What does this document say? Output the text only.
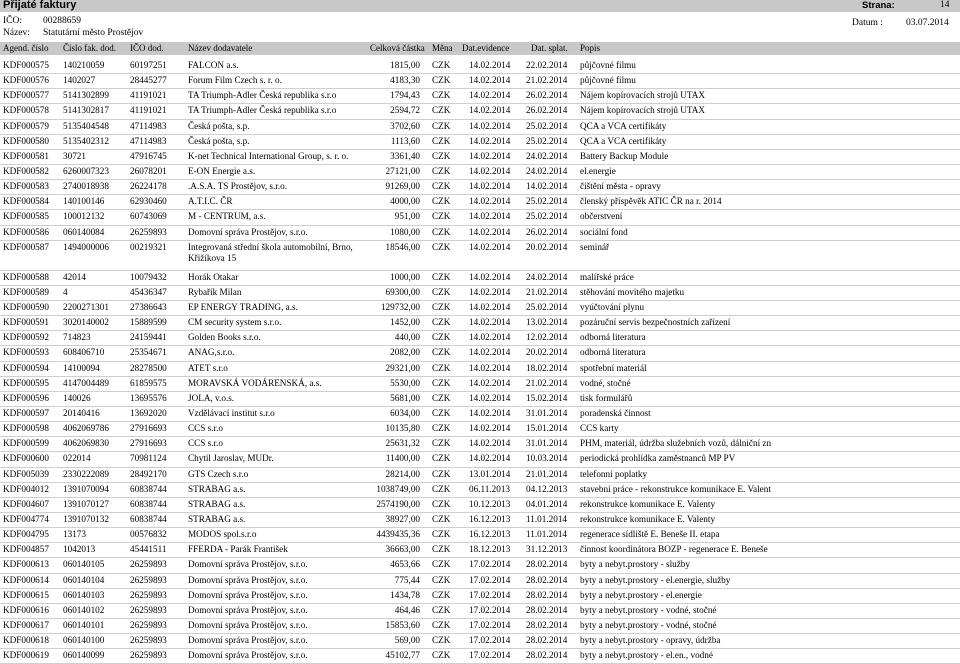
Přijaté faktury	Strana:	14
IČO: 00288659
Název: Statutární město Prostějov
Datum : 03.07.2014
Agend. číslo Číslo fak. dod. IČO dod.	Název dodavatele	Celková částka Měna Dat.evidence Dat. splat. Popis
KDF000575 140210059	60197251 FALCON a.s.	1815,00 CZK 14.02.2014 22.02.2014 půjčovné filmu
KDF000576 1402027	28445277 Forum Film Czech s. r. o.	4183,30 CZK 14.02.2014 21.02.2014 půjčovné filmu
KDF000577 5141302899 41191021 TA Triumph-Adler Česká republika s.r.o	1794,43 CZK 14.02.2014 26.02.2014 Nájem kopírovacích strojů UTAX
KDF000578 5141302817 41191021 TA Triumph-Adler Česká republika s.r.o	2594,72 CZK 14.02.2014 26.02.2014 Nájem kopírovacích strojů UTAX
KDF000579 5135404548 47114983 Česká pošta, s.p.	3702,60 CZK 14.02.2014 25.02.2014 QCA a VCA certifikáty
KDF000580 5135402312 47114983 Česká pošta, s.p.	1113,60 CZK 14.02.2014 25.02.2014 QCA a VCA certifikáty
KDF000581 30721	47916745 K-net Technical International Group, s. r. o.	3361,40 CZK 14.02.2014 24.02.2014 Battery Backup Module
KDF000582 6260007323 26078201 E-ON Energie a.s.	27121,00 CZK 14.02.2014 24.02.2014 el.energie
KDF000583 2740018938 26224178 .A.S.A. TS Prostějov, s.r.o.	91269,00 CZK 14.02.2014 14.02.2014 čištění města - opravy
KDF000584 140100146	62930460 A.T.I.C. ČR	4000,00 CZK 14.02.2014 25.02.2014 členský příspěvěk ATIC ČR na r. 2014
KDF000585 100012132	60743069 M - CENTRUM, a.s.	951,00 CZK 14.02.2014 25.02.2014 občerstvení
KDF000586 060140084	26259893 Domovní správa Prostějov, s.r.o.	1080,00 CZK 14.02.2014 26.02.2014 sociální fond
KDF000587 1494000006 00219321 Integrovaná střední škola automobilní, Brno, Křižíkova 15
18546,00 CZK 14.02.2014 20.02.2014 seminář
KDF000588 42014	10079432 Horák Otakar	1000,00 CZK 14.02.2014 24.02.2014 malířské práce
KDF000589 4	45436347 Rybařík Milan	69300,00 CZK 14.02.2014 21.02.2014 stěhování movitého majetku
KDF000590 2200271301 27386643 EP ENERGY TRADING, a.s.	129732,00 CZK 14.02.2014 25.02.2014 vyúčtování plynu
KDF000591 3020140002 15889599 CM security system s.r.o.	1452,00 CZK 14.02.2014 13.02.2014 pozáruční servis bezpečnostních zařízení
KDF000592 714823	24159441 Golden Books s.r.o.	440,00 CZK 14.02.2014 12.02.2014 odborná literatura
KDF000593 608406710	25354671 ANAG,s.r.o.	2082,00 CZK 14.02.2014 20.02.2014 odborná literatura
KDF000594 14100094	28278500 ATET s.r.o	29321,00 CZK 14.02.2014 18.02.2014 spotřební materiál
KDF000595 4147004489 61859575 MORAVSKÁ VODÁRENSKÁ, a.s.	5530,00 CZK 14.02.2014 21.02.2014 vodné, stočné
KDF000596 140026	13695576 JOLA, v.o.s.	5681,00 CZK 14.02.2014 15.02.2014 tisk formulářů
KDF000597 20140416	13692020 Vzdělávací institut s.r.o	6034,00 CZK 14.02.2014 31.01.2014 poradenská činnost
KDF000598 4062069786 27916693 CCS s.r.o	10135,80 CZK 14.02.2014 15.01.2014 CCS karty
KDF000599 4062069830 27916693 CCS s.r.o	25631,32 CZK 14.02.2014 31.01.2014 PHM, materiál, údržba služebních vozů, dálniční zn
KDF000600 022014	70981124 Chytil Jaroslav, MUDr.	11400,00 CZK 14.02.2014 10.03.2014 periodická prohlídka zaměstnanců MP PV
KDF005039 2330222089 28492170 GTS Czech s.r.o	28214,00 CZK 13.01.2014 21.01.2014 telefonní poplatky
KDF004012 1391070094 60838744 STRABAG a.s.	1038749,00 CZK 06.11.2013 04.12.2013 stavební práce - rekonstrukce komunikace E. Valent
KDF004607 1391070127 60838744 STRABAG a.s.	2574190,00 CZK 10.12.2013 04.01.2014 rekonstrukce komunikace E. Valenty
KDF004774 1391070132 60838744 STRABAG a.s.	38927,00 CZK 16.12.2013 11.01.2014 rekonstrukce komunikace E. Valenty
KDF004795 13173	00576832 MODOS spol.s.r.o	4439435,36 CZK 16.12.2013 11.01.2014 regenerace sídliště E. Beneše II. etapa
KDF004857 1042013	45441511 FFERDA - Parák František	36663,00 CZK 18.12.2013 31.12.2013 činnost koordinátora BOZP - regenerace E. Beneše
KDF000613 060140105	26259893 Domovní správa Prostějov, s.r.o.	4653,66 CZK 17.02.2014 28.02.2014 byty a nebyt.prostory - služby
KDF000614 060140104	26259893 Domovní správa Prostějov, s.r.o.	775,44 CZK 17.02.2014 28.02.2014 byty a nebyt.prostory - el.energie, služby
KDF000615 060140103	26259893 Domovní správa Prostějov, s.r.o.	1434,78 CZK 17.02.2014 28.02.2014 byty a nebyt.prostory - el.energie
KDF000616 060140102	26259893 Domovní správa Prostějov, s.r.o.	464,46 CZK 17.02.2014 28.02.2014 byty a nebyt.prostory - vodné, stočné
KDF000617 060140101	26259893 Domovní správa Prostějov, s.r.o.	15853,60 CZK 17.02.2014 28.02.2014 byty a nebyt.prostory - vodné, stočné
KDF000618 060140100	26259893 Domovní správa Prostějov, s.r.o.	569,00 CZK 17.02.2014 28.02.2014 byty a nebyt.prostory - opravy, údržba
KDF000619 060140099	26259893 Domovní správa Prostějov, s.r.o.	45102,77 CZK 17.02.2014 28.02.2014 byty a nebyt.prostory - el.en., vodné
